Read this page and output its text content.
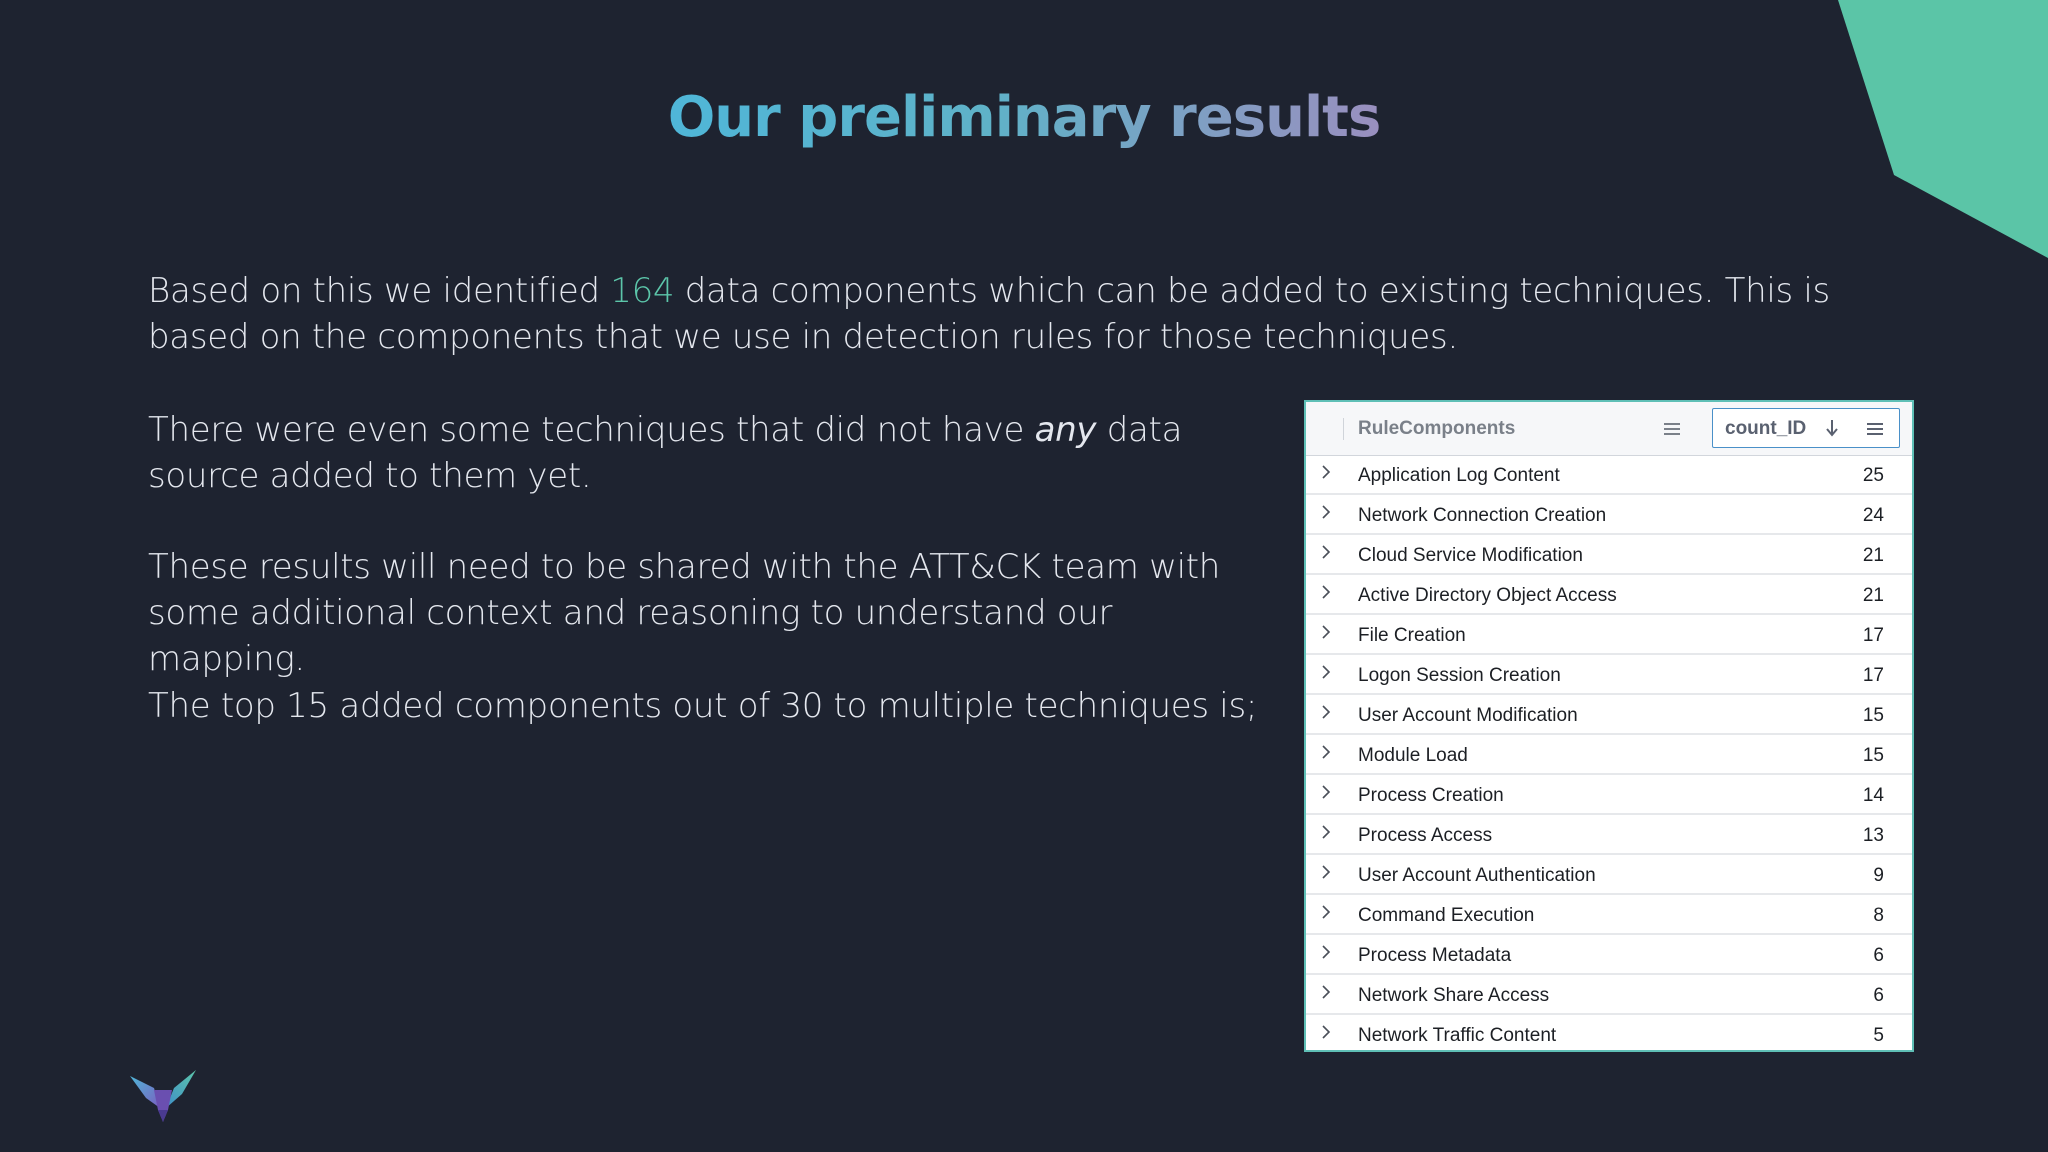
Our preliminary results

Based on this we identified 164 data components which can be added to existing techniques. This is based on the components that we use in detection rules for those techniques.

There were even some techniques that did not have any data source added to them yet.

These results will need to be shared with the ATT&CK team with some additional context and reasoning to understand our mapping.

The top 15 added components out of 30 to multiple techniques is;

RuleComponents	count_ID
Application Log Content	25
Network Connection Creation	24
Cloud Service Modification	21
Active Directory Object Access	21
File Creation	17
Logon Session Creation	17
User Account Modification	15
Module Load	15
Process Creation	14
Process Access	13
User Account Authentication	9
Command Execution	8
Process Metadata	6
Network Share Access	6
Network Traffic Content	5
